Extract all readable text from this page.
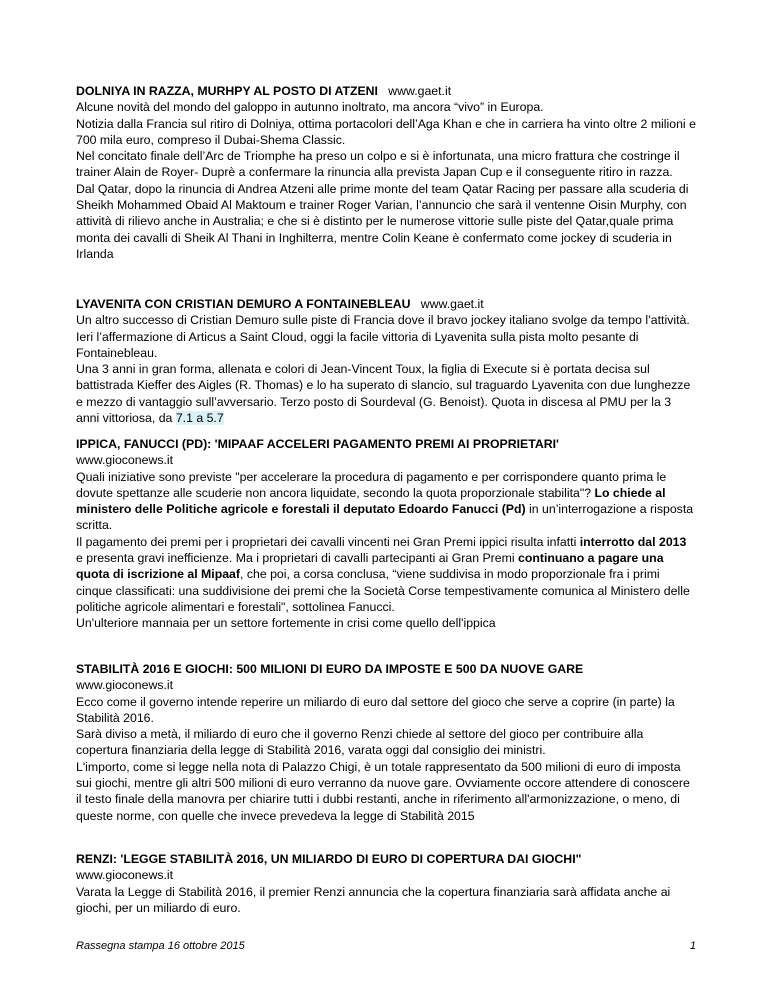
DOLNIYA IN RAZZA, MURHPY AL POSTO DI ATZENI www.gaet.it

Alcune novità del mondo del galoppo in autunno inoltrato, ma ancora “vivo” in Europa.

Notizia dalla Francia sul ritiro di Dolniya, ottima portacolori dell’Aga Khan e che in carriera ha vinto oltre 2 milioni e 700 mila euro, compreso il Dubai-Shema Classic.

Nel concitato finale dell’Arc de Triomphe ha preso un colpo e si è infortunata, una micro frattura che costringe il trainer Alain de Royer- Duprè a confermare la rinuncia alla prevista Japan Cup e il conseguente ritiro in razza.

Dal Qatar, dopo la rinuncia di Andrea Atzeni alle prime monte del team Qatar Racing per passare alla scuderia di Sheikh Mohammed Obaid Al Maktoum e trainer Roger Varian, l’annuncio che sarà il ventenne Oisin Murphy, con attività di rilievo anche in Australia; e che si è distinto per le numerose vittorie sulle piste del Qatar,quale prima monta dei cavalli di Sheik Al Thani in Inghilterra, mentre Colin Keane è confermato come jockey di scuderia in Irlanda

LYAVENITA CON CRISTIAN DEMURO A FONTAINEBLEAU www.gaet.it

Un altro successo di Cristian Demuro sulle piste di Francia dove il bravo jockey italiano svolge da tempo l’attività. Ieri l’affermazione di Articus a Saint Cloud, oggi la facile vittoria di Lyavenita sulla pista molto pesante di Fontainebleau.

Una 3 anni in gran forma, allenata e colori di Jean-Vincent Toux, la figlia di Execute si è portata decisa sul battistrada Kieffer des Aigles (R. Thomas) e lo ha superato di slancio, sul traguardo Lyavenita con due lunghezze e mezzo di vantaggio sull’avversario. Terzo posto di Sourdeval (G. Benoist). Quota in discesa al PMU per la 3 anni vittoriosa, da 7.1 a 5.7

IPPICA, FANUCCI (PD): 'MIPAAF ACCELERI PAGAMENTO PREMI AI PROPRIETARI'

www.gioconews.it

Quali iniziative sono previste "per accelerare la procedura di pagamento e per corrispondere quanto prima le dovute spettanze alle scuderie non ancora liquidate, secondo la quota proporzionale stabilita"? Lo chiede al ministero delle Politiche agricole e forestali il deputato Edoardo Fanucci (Pd) in un’interrogazione a risposta scritta.

Il pagamento dei premi per i proprietari dei cavalli vincenti nei Gran Premi ippici risulta infatti interrotto dal 2013 e presenta gravi inefficienze. Ma i proprietari di cavalli partecipanti ai Gran Premi continuano a pagare una quota di iscrizione al Mipaaf, che poi, a corsa conclusa, “viene suddivisa in modo proporzionale fra i primi cinque classificati: una suddivisione dei premi che la Società Corse tempestivamente comunica al Ministero delle politiche agricole alimentari e forestali", sottolinea Fanucci.

Un'ulteriore mannaia per un settore fortemente in crisi come quello dell'ippica

STABILITÀ 2016 E GIOCHI: 500 MILIONI DI EURO DA IMPOSTE E 500 DA NUOVE GARE

www.gioconews.it

Ecco come il governo intende reperire un miliardo di euro dal settore del gioco che serve a coprire (in parte) la Stabilità 2016.

Sarà diviso a metà, il miliardo di euro che il governo Renzi chiede al settore del gioco per contribuire alla copertura finanziaria della legge di Stabilità 2016, varata oggi dal consiglio dei ministri.

L'importo, come si legge nella nota di Palazzo Chigi, è un totale rappresentato da 500 milioni di euro di imposta sui giochi, mentre gli altri 500 milioni di euro verranno da nuove gare. Ovviamente occore attendere di conoscere il testo finale della manovra per chiarire tutti i dubbi restanti, anche in riferimento all'armonizzazione, o meno, di queste norme, con quelle che invece prevedeva la legge di Stabilità 2015

RENZI: 'LEGGE STABILITÀ 2016, UN MILIARDO DI EURO DI COPERTURA DAI GIOCHI"

www.gioconews.it

Varata la Legge di Stabilità 2016, il premier Renzi annuncia che la copertura finanziaria sarà affidata anche ai giochi, per un miliardo di euro.

Rassegna stampa 16 ottobre 2015	1
